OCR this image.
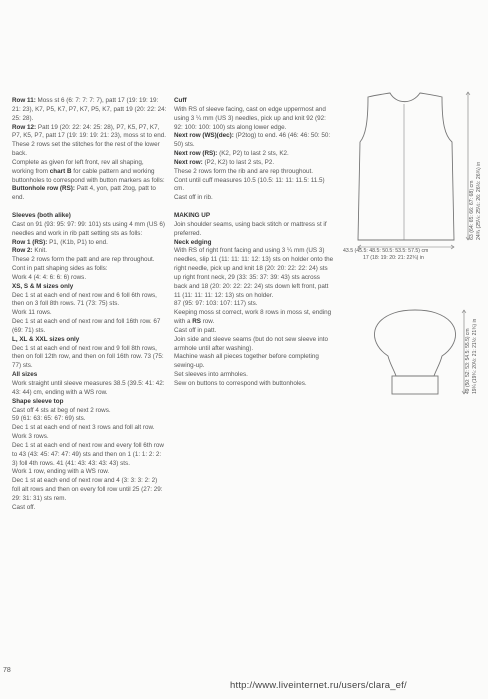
Row 11: Moss st 6 (6: 7: 7: 7: 7), patt 17 (19: 19: 19: 21: 23), K7, P5, K7, P7, K7, P5, K7, patt 19 (20: 22: 24: 25: 28).

Row 12: Patt 19 (20: 22: 24: 25: 28), P7, K5, P7, K7, P7, K5, P7, patt 17 (19: 19: 19: 21: 23), moss st to end.

These 2 rows set the stitches for the rest of the lower back.

Complete as given for left front, rev all shaping, working from chart B for cable pattern and working buttonholes to correspond with button markers as folls:

Buttonhole row (RS): Patt 4, yon, patt 2tog, patt to end.

Sleeves (both alike)

Cast on 91 (93: 95: 97: 99: 101) sts using 4 mm (US 6) needles and work in rib patt setting sts as folls:

Row 1 (RS): P1, (K1b, P1) to end.

Row 2: Knit.

These 2 rows form the patt and are rep throughout.

Cont in patt shaping sides as folls:

Work 4 (4: 4: 6: 6: 6) rows.

XS, S & M sizes only

Dec 1 st at each end of next row and 6 foll 6th rows, then on 3 foll 8th rows. 71 (73: 75) sts.

Work 11 rows.

Dec 1 st at each end of next row and foll 16th row. 67 (69: 71) sts.

L, XL & XXL sizes only

Dec 1 st at each end of next row and 9 foll 8th rows, then on foll 12th row, and then on foll 16th row. 73 (75: 77) sts.

All sizes

Work straight until sleeve measures 38.5 (39.5: 41: 42: 43: 44) cm, ending with a WS row.

Shape sleeve top

Cast off 4 sts at beg of next 2 rows.

59 (61: 63: 65: 67: 69) sts.

Dec 1 st at each end of next 3 rows and foll alt row.

Work 3 rows.

Dec 1 st at each end of next row and every foll 6th row to 43 (43: 45: 47: 47: 49) sts and then on 1 (1: 1: 2: 2: 3) foll 4th rows. 41 (41: 43: 43: 43: 43) sts.

Work 1 row, ending with a WS row.

Dec 1 st at each end of next row and 4 (3: 3: 3: 2: 2) foll alt rows and then on every foll row until 25 (27: 29: 29: 31: 31) sts rem.

Cast off.

Cuff

With RS of sleeve facing, cast on edge uppermost and using 3 ¼ mm (US 3) needles, pick up and knit 92 (92: 92: 100: 100: 100) sts along lower edge.

Next row (WS)(dec): (P2tog) to end. 46 (46: 46: 50: 50: 50) sts.

Next row (RS): (K2, P2) to last 2 sts, K2.

Next row: (P2, K2) to last 2 sts, P2.

These 2 rows form the rib and are rep throughout.

Cont until cuff measures 10.5 (10.5: 11: 11: 11.5: 11.5) cm.

Cast off in rib.

MAKING UP

Join shoulder seams, using back stitch or mattress st if preferred.

Neck edging

With RS of right front facing and using 3 ¼ mm (US 3) needles, slip 11 (11: 11: 11: 12: 13) sts on holder onto the right needle, pick up and knit 18 (20: 20: 22: 22: 24) sts up right front neck, 29 (33: 35: 37: 39: 43) sts across back and 18 (20: 20: 22: 22: 24) sts down left front, patt 11 (11: 11: 11: 12: 13) sts on holder.

87 (95: 97: 103: 107: 117) sts.

Keeping moss st correct, work 8 rows in moss st, ending with a RS row.

Cast off in patt.

Join side and sleeve seams (but do not sew sleeve into armhole until after washing).

Machine wash all pieces together before completing sewing-up.

Set sleeves into armholes.

Sew on buttons to correspond with buttonholes.

63 (64: 65: 66: 67: 68) cm 24¾ (25¼: 25½: 26: 26½: 26¾) in
43.5 (45.5: 48.5: 50.5: 53.5: 57.5) cm
17 (18: 19: 20: 21: 22¾) in
49 (50: 52: 53: 54.5: 55.5) cm 19¼ (19¾: 20½: 21: 21½: 21¾) in
78
http://www.liveinternet.ru/users/clara_ef/
